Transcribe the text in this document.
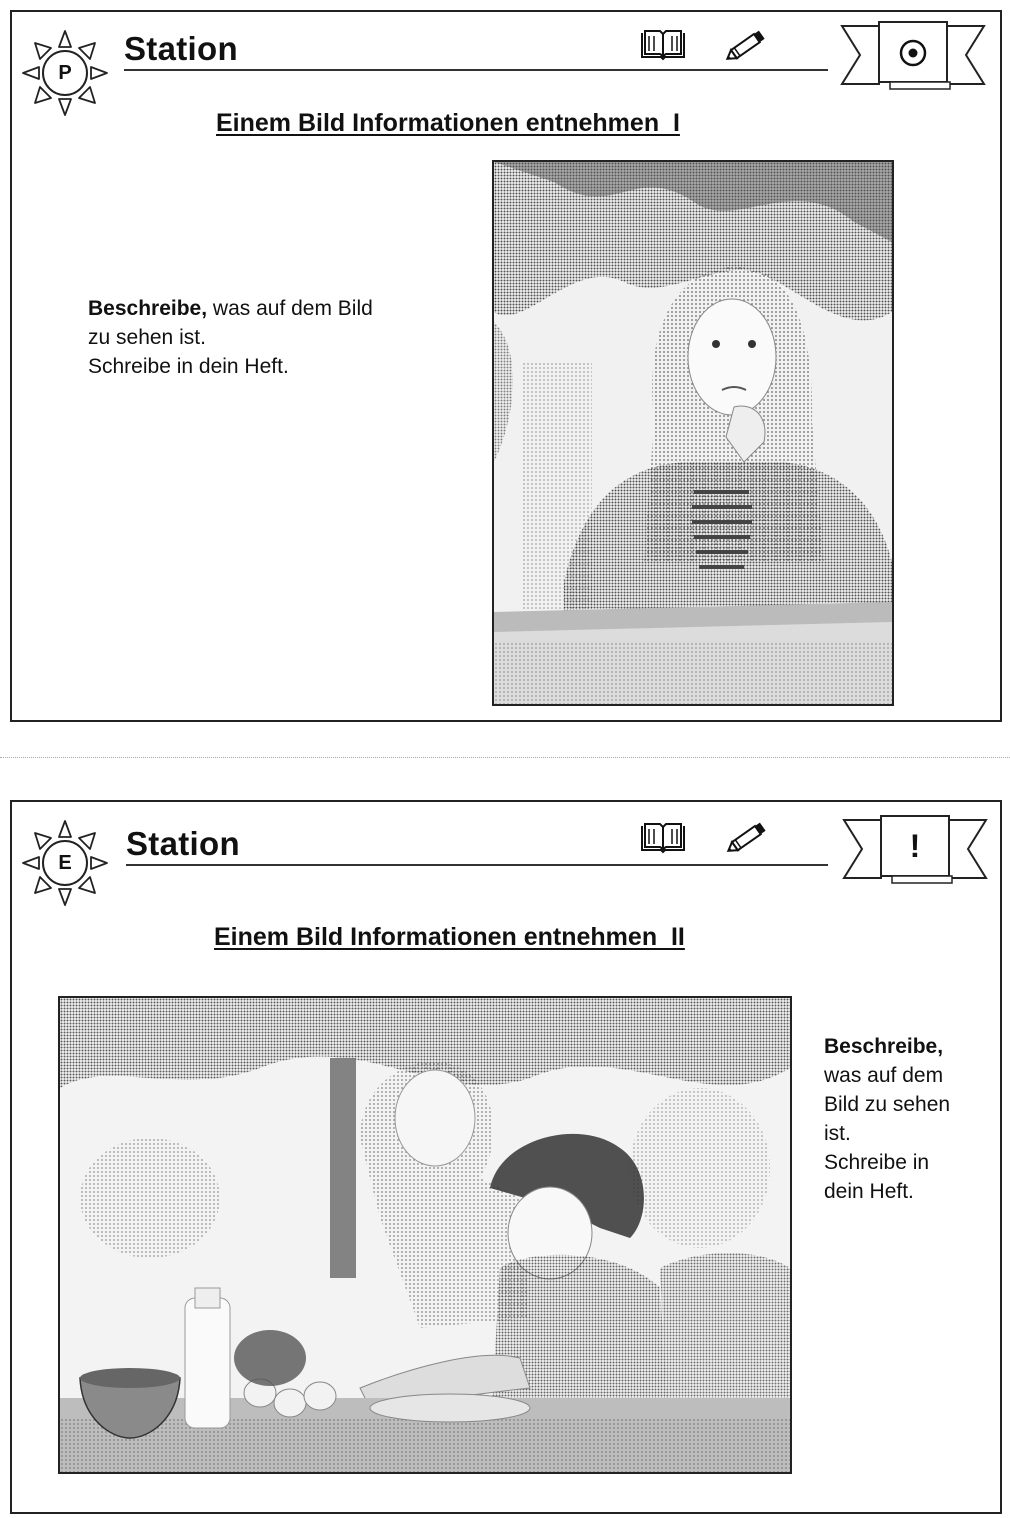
P
Station
Einem Bild Informationen entnehmen  I
Beschreibe, was auf dem Bild
zu sehen ist.
Schreibe in dein Heft.
E
Station	!
Einem Bild Informationen entnehmen  II
Beschreibe,
was auf dem
Bild zu sehen
ist.
Schreibe in
dein Heft.
